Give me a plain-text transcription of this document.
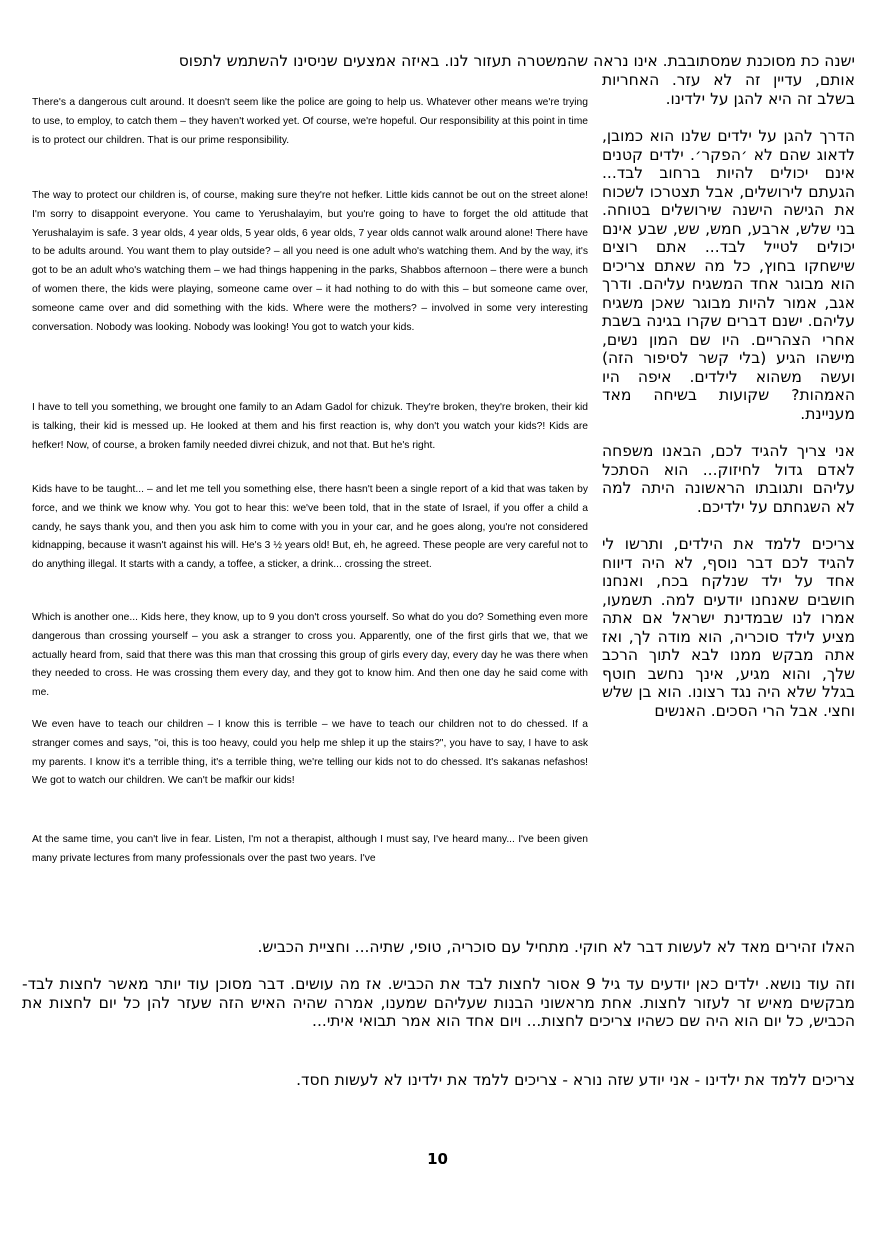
ישנה כת מסוכנת שמסתובבת. אינו נראה שהמשטרה תעזור לנו. באיזה אמצעים שניסינו להשתמש לתפוס

אותם, עדיין זה לא עזר. האחריות בשלב זה היא להגן על ילדינו.

הדרך להגן על ילדים שלנו הוא כמובן, לדאוג שהם לא ׳הפקר׳. ילדים קטנים אינם יכולים להיות ברחוב לבד... הגעתם לירושלים, אבל תצטרכו לשכוח את הגישה הישנה שירושלים בטוחה. בני שלש, ארבע, חמש, שש, שבע אינם יכולים לטייל לבד... אתם רוצים שישחקו בחוץ, כל מה שאתם צריכים הוא מבוגר אחד המשגיח עליהם. ודרך אגב, אמור להיות מבוגר שאכן משגיח עליהם. ישנם דברים שקרו בגינה בשבת אחרי הצהריים. היו שם המון נשים, מישהו הגיע (בלי קשר לסיפור הזה) ועשה משהוא לילדים. איפה היו האמהות? שקועות בשיחה מאד מעניינת.

אני צריך להגיד לכם, הבאנו משפחה לאדם גדול לחיזוק... הוא הסתכל עליהם ותגובתו הראשונה היתה למה לא השגחתם על ילדיכם.

צריכים ללמד את הילדים, ותרשו לי להגיד לכם דבר נוסף, לא היה דיווח אחד על ילד שנלקח בכח, ואנחנו חושבים שאנחנו יודעים למה. תשמעו, אמרו לנו שבמדינת ישראל אם אתה מציע לילד סוכריה, הוא מודה לך, ואז אתה מבקש ממנו לבא לתוך הרכב שלך, והוא מגיע, אינך נחשב חוטף בגלל שלא היה נגד רצונו. הוא בן שלש וחצי. אבל הרי הסכים. האנשים

האלו זהירים מאד לא לעשות דבר לא חוקי. מתחיל עם סוכריה, טופי, שתיה... וחציית הכביש.
וזה עוד נושא. ילדים כאן יודעים עד גיל 9 אסור לחצות לבד את הכביש. אז מה עושים. דבר מסוכן עוד יותר מאשר לחצות לבד- מבקשים מאיש זר לעזור לחצות. אחת מראשוני הבנות שעליהם שמענו, אמרה שהיה האיש הזה שעזר להן כל יום לחצות את הכביש, כל יום הוא היה שם כשהיו צריכים לחצות... ויום אחד הוא אמר תבואי איתי...
צריכים ללמד את ילדינו - אני יודע שזה נורא - צריכים ללמד את ילדינו לא לעשות חסד.
There's a dangerous cult around. It doesn't seem like the police are going to help us. Whatever other means we're trying to use, to employ, to catch them – they haven't worked yet. Of course, we're hopeful. Our responsibility at this point in time is to protect our children. That is our prime responsibility.
The way to protect our children is, of course, making sure they're not hefker. Little kids cannot be out on the street alone! I'm sorry to disappoint everyone. You came to Yerushalayim, but you're going to have to forget the old attitude that Yerushalayim is safe. 3 year olds, 4 year olds, 5 year olds, 6 year olds, 7 year olds cannot walk around alone! There have to be adults around. You want them to play outside? – all you need is one adult who's watching them. And by the way, it's got to be an adult who's watching them – we had things happening in the parks, Shabbos afternoon – there were a bunch of women there, the kids were playing, someone came over – it had nothing to do with this – but someone came over, someone came over and did something with the kids. Where were the mothers? – involved in some very interesting conversation. Nobody was looking. Nobody was looking! You got to watch your kids.
I have to tell you something, we brought one family to an Adam Gadol for chizuk. They're broken, they're broken, their kid is talking, their kid is messed up. He looked at them and his first reaction is, why don't you watch your kids?! Kids are hefker! Now, of course, a broken family needed divrei chizuk, and not that. But he's right.
Kids have to be taught... – and let me tell you something else, there hasn't been a single report of a kid that was taken by force, and we think we know why. You got to hear this: we've been told, that in the state of Israel, if you offer a child a candy, he says thank you, and then you ask him to come with you in your car, and he goes along, you're not considered kidnapping, because it wasn't against his will. He's 3 ½ years old! But, eh, he agreed. These people are very careful not to do anything illegal. It starts with a candy, a toffee, a sticker, a drink... crossing the street.
Which is another one... Kids here, they know, up to 9 you don't cross yourself. So what do you do? Something even more dangerous than crossing yourself – you ask a stranger to cross you. Apparently, one of the first girls that we, that we actually heard from, said that there was this man that crossing this group of girls every day, every day he was there when they needed to cross. He was crossing them every day, and they got to know him. And then one day he said come with me.
We even have to teach our children – I know this is terrible – we have to teach our children not to do chessed. If a stranger comes and says, "oi, this is too heavy, could you help me shlep it up the stairs?", you have to say, I have to ask my parents. I know it's a terrible thing, it's a terrible thing, we're telling our kids not to do chessed. It's sakanas nefashos! We got to watch our children. We can't be mafkir our kids!
At the same time, you can't live in fear. Listen, I'm not a therapist, although I must say, I've heard many... I've been given many private lectures from many professionals over the past two years. I've
10
